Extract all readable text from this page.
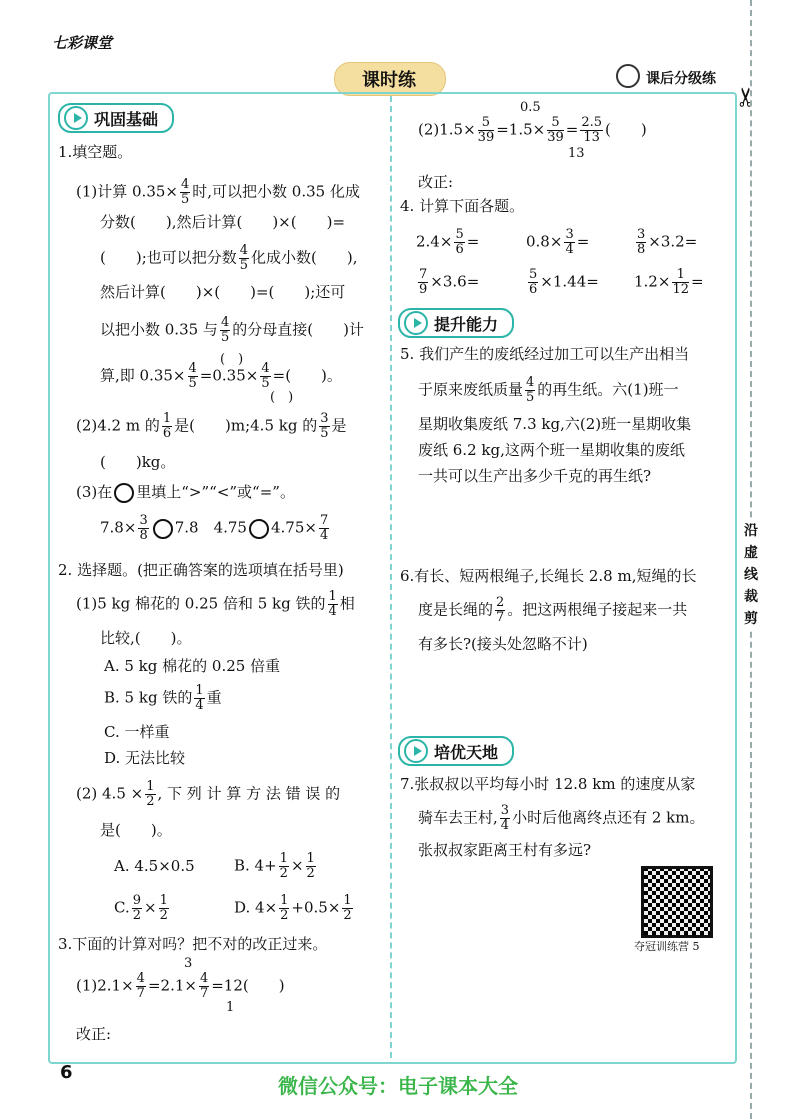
七彩课堂
课时练	课后分级练
✂
沿
虚
线
裁
剪
巩固基础
1.填空题。
(1)计算 $0.35\times \frac{4}{5}$ 时,可以把小数 0.35 化成
分数(　　),然后计算(　　)×(　　)=
(　　);也可以把分数 $\frac{4}{5}$ 化成小数(　　),
然后计算(　　)×(　　)=(　　);还可
以把小数 0.35 与 $\frac{4}{5}$ 的分母直接(　　)计
算,即 $0.35\times \frac{4}{5} =0.35\times \frac{4}{5}$ =(　　)。
(　)
(　)
(2)4.2 m 的 $\frac{1}{6}$ 是(　　)m;4.5 kg 的 $\frac{3}{5}$ 是
(　　)kg。
(3)在 里填上“>”“<”或“=”。
$7.8\times \frac{3}{8} 7.8$　4.75 $4.75\times \frac{7}{4}$
2. 选择题。(把正确答案的选项填在括号里)
(1)5 kg 棉花的 0.25 倍和 5 kg 铁的 $\frac{1}{4}$ 相
比较,(　　)。
A. 5 kg 棉花的 0.25 倍重
B. 5 kg 铁的 $\frac{1}{4}$ 重
C. 一样重
D. 无法比较
(2) $4.5 \times \frac{1}{2}$ , 下 列 计 算 方 法 错 误 的
是(　　)。
A. 4.5×0.5	B. $4+ \frac{1}{2} \times \frac{1}{2}$
C. $\frac{9}{2} \times \frac{1}{2}$	D. $4\times \frac{1}{2} +0.5\times \frac{1}{2}$
3.下面的计算对吗？把不对的改正过来。
$(1)2.1\times \frac{4}{7} =2.1\times \frac{4}{7} =12$(　　)
3
1
改正:
$(2)1.5\times \frac{5}{39} =1.5\times \frac{5}{39} = \frac{2.5}{13}$ (　　)
0.5
13
改正:
4. 计算下面各题。
$2.4\times \frac{5}{6}$ =	$0.8\times \frac{3}{4}$ =	$\frac{3}{8} \times 3.2=$
$\frac{7}{9} \times 3.6=$	$\frac{5}{6} \times 1.44= 1.2\times \frac{1}{12}$ =
提升能力
5. 我们产生的废纸经过加工可以生产出相当
于原来废纸质量 $\frac{4}{5}$ 的再生纸。六(1)班一
星期收集废纸 7.3 kg,六(2)班一星期收集
废纸 6.2 kg,这两个班一星期收集的废纸
一共可以生产出多少千克的再生纸?
6.有长、短两根绳子,长绳长 2.8 m,短绳的长
度是长绳的 $\frac{2}{7}$ 。把这两根绳子接起来一共
有多长?(接头处忽略不计)
培优天地
7.张叔叔以平均每小时 12.8 km 的速度从家
骑车去王村, $\frac{3}{4}$ 小时后他离终点还有 2 km。
张叔叔家距离王村有多远?
夺冠训练营 5
6
微信公众号：电子课本大全
